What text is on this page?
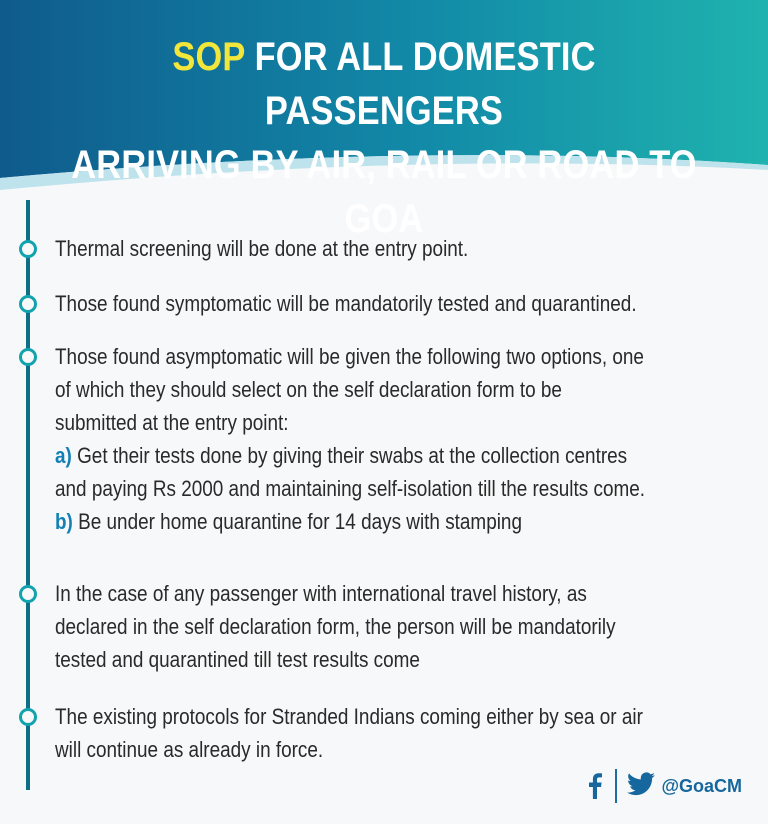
SOP FOR ALL DOMESTIC PASSENGERS
ARRIVING BY AIR, RAIL OR ROAD TO GOA

Thermal screening will be done at the entry point.

Those found symptomatic will be mandatorily tested and quarantined.

Those found asymptomatic will be given the following two options, one of which they should select on the self declaration form to be submitted at the entry point:

a) Get their tests done by giving their swabs at the collection centres and paying Rs 2000 and maintaining self-isolation till the results come.

b) Be under home quarantine for 14 days with stamping

In the case of any passenger with international travel history, as declared in the self declaration form, the person will be mandatorily tested and quarantined till test results come

The existing protocols for Stranded Indians coming either by sea or air will continue as already in force.

@GoaCM
